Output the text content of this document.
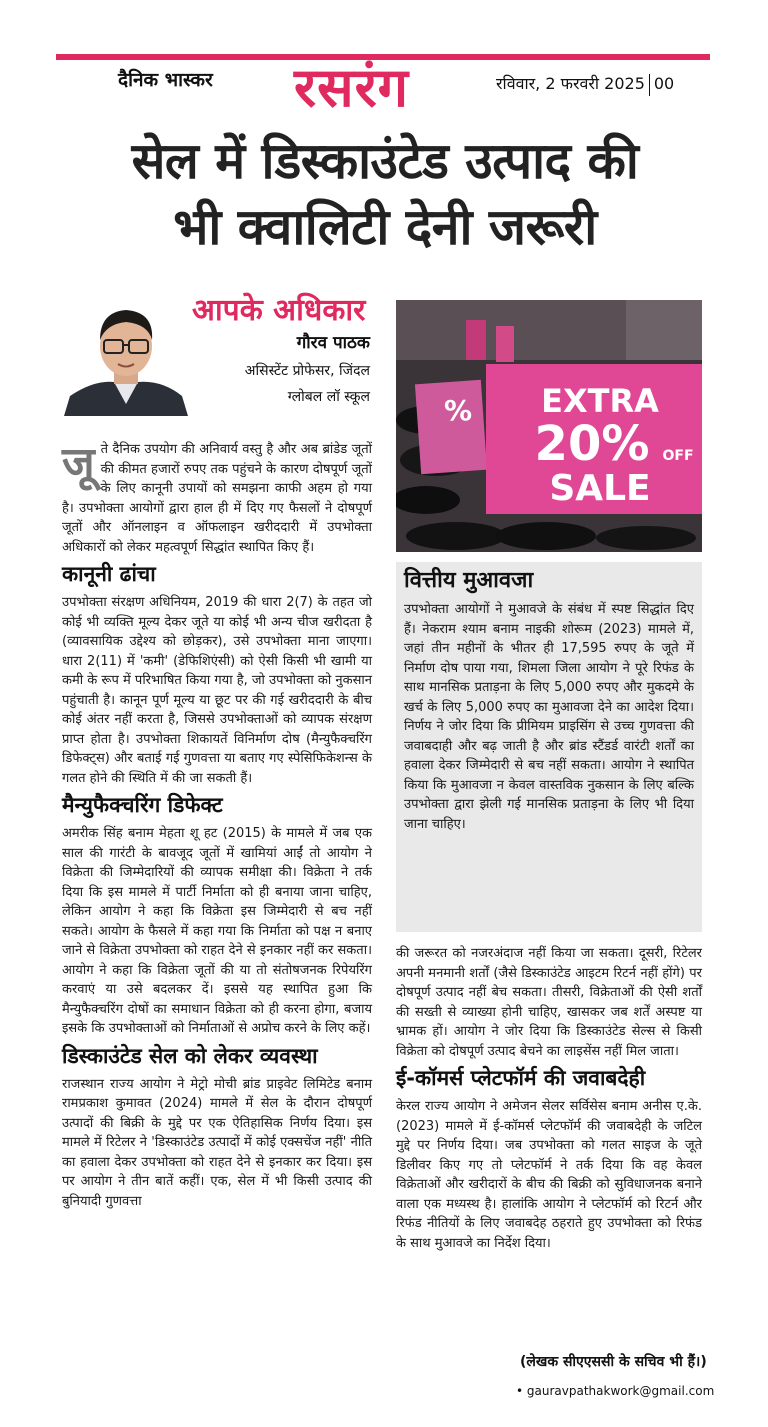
दैनिक भास्कर रसरंग	रविवार, 2 फरवरी 2025 00
सेल में डिस्काउंटेड उत्पाद की
भी क्वालिटी देनी जरूरी
आपके अधिकार
गौरव पाठक
असिस्टेंट प्रोफेसर, जिंदल
ग्लोबल लॉ स्कूल	% EXTRA
20% OFF
SALE

जूते दैनिक उपयोग की अनिवार्य वस्तु है और अब ब्रांडेड जूतों की कीमत हजारों रुपए तक पहुंचने के कारण दोषपूर्ण जूतों के लिए कानूनी उपायों को समझना काफी अहम हो गया है। उपभोक्ता आयोगों द्वारा हाल ही में दिए गए फैसलों ने दोषपूर्ण जूतों और ऑनलाइन व ऑफलाइन खरीददारी में उपभोक्ता अधिकारों को लेकर महत्वपूर्ण सिद्धांत स्थापित किए हैं।

कानूनी ढांचा

उपभोक्ता संरक्षण अधिनियम, 2019 की धारा 2(7) के तहत जो कोई भी व्यक्ति मूल्य देकर जूते या कोई भी अन्य चीज खरीदता है (व्यावसायिक उद्देश्य को छोड़कर), उसे उपभोक्ता माना जाएगा। धारा 2(11) में 'कमी' (डेफिशिएंसी) को ऐसी किसी भी खामी या कमी के रूप में परिभाषित किया गया है, जो उपभोक्ता को नुकसान पहुंचाती है। कानून पूर्ण मूल्य या छूट पर की गई खरीददारी के बीच कोई अंतर नहीं करता है, जिससे उपभोक्ताओं को व्यापक संरक्षण प्राप्त होता है। उपभोक्ता शिकायतें विनिर्माण दोष (मैन्युफैक्चरिंग डिफेक्ट्स) और बताई गई गुणवत्ता या बताए गए स्पेसिफिकेशन्स के गलत होने की स्थिति में की जा सकती हैं।

मैन्युफैक्चरिंग डिफेक्ट

अमरीक सिंह बनाम मेहता शू हट (2015) के मामले में जब एक साल की गारंटी के बावजूद जूतों में खामियां आईं तो आयोग ने विक्रेता की जिम्मेदारियों की व्यापक समीक्षा की। विक्रेता ने तर्क दिया कि इस मामले में पार्टी निर्माता को ही बनाया जाना चाहिए, लेकिन आयोग ने कहा कि विक्रेता इस जिम्मेदारी से बच नहीं सकते। आयोग के फैसले में कहा गया कि निर्माता को पक्ष न बनाए जाने से विक्रेता उपभोक्ता को राहत देने से इनकार नहीं कर सकता। आयोग ने कहा कि विक्रेता जूतों की या तो संतोषजनक रिपेयरिंग करवाएं या उसे बदलकर दें। इससे यह स्थापित हुआ कि मैन्युफैक्चरिंग दोषों का समाधान विक्रेता को ही करना होगा, बजाय इसके कि उपभोक्ताओं को निर्माताओं से अप्रोच करने के लिए कहें।

डिस्काउंटेड सेल को लेकर व्यवस्था

राजस्थान राज्य आयोग ने मेट्रो मोची ब्रांड प्राइवेट लिमिटेड बनाम रामप्रकाश कुमावत (2024) मामले में सेल के दौरान दोषपूर्ण उत्पादों की बिक्री के मुद्दे पर एक ऐतिहासिक निर्णय दिया। इस मामले में रिटेलर ने 'डिस्काउंटेड उत्पादों में कोई एक्सचेंज नहीं' नीति का हवाला देकर उपभोक्ता को राहत देने से इनकार कर दिया। इस पर आयोग ने तीन बातें कहीं। एक, सेल में भी किसी उत्पाद की बुनियादी गुणवत्ता

वित्तीय मुआवजा

उपभोक्ता आयोगों ने मुआवजे के संबंध में स्पष्ट सिद्धांत दिए हैं। नेकराम श्याम बनाम नाइकी शोरूम (2023) मामले में, जहां तीन महीनों के भीतर ही 17,595 रुपए के जूते में निर्माण दोष पाया गया, शिमला जिला आयोग ने पूरे रिफंड के साथ मानसिक प्रताड़ना के लिए 5,000 रुपए और मुकदमे के खर्च के लिए 5,000 रुपए का मुआवजा देने का आदेश दिया। निर्णय ने जोर दिया कि प्रीमियम प्राइसिंग से उच्च गुणवत्ता की जवाबदाही और बढ़ जाती है और ब्रांड स्टैंडर्ड वारंटी शर्तों का हवाला देकर जिम्मेदारी से बच नहीं सकता। आयोग ने स्थापित किया कि मुआवजा न केवल वास्तविक नुकसान के लिए बल्कि उपभोक्ता द्वारा झेली गई मानसिक प्रताड़ना के लिए भी दिया जाना चाहिए।

की जरूरत को नजरअंदाज नहीं किया जा सकता। दूसरी, रिटेलर अपनी मनमानी शर्तों (जैसे डिस्काउंटेड आइटम रिटर्न नहीं होंगे) पर दोषपूर्ण उत्पाद नहीं बेच सकता। तीसरी, विक्रेताओं की ऐसी शर्तों की सख्ती से व्याख्या होनी चाहिए, खासकर जब शर्तें अस्पष्ट या भ्रामक हों। आयोग ने जोर दिया कि डिस्काउंटेड सेल्स से किसी विक्रेता को दोषपूर्ण उत्पाद बेचने का लाइसेंस नहीं मिल जाता।

ई-कॉमर्स प्लेटफॉर्म की जवाबदेही

केरल राज्य आयोग ने अमेजन सेलर सर्विसेस बनाम अनीस ए.के. (2023) मामले में ई-कॉमर्स प्लेटफॉर्म की जवाबदेही के जटिल मुद्दे पर निर्णय दिया। जब उपभोक्ता को गलत साइज के जूते डिलीवर किए गए तो प्लेटफॉर्म ने तर्क दिया कि वह केवल विक्रेताओं और खरीदारों के बीच की बिक्री को सुविधाजनक बनाने वाला एक मध्यस्थ है। हालांकि आयोग ने प्लेटफॉर्म को रिटर्न और रिफंड नीतियों के लिए जवाबदेह ठहराते हुए उपभोक्ता को रिफंड के साथ मुआवजे का निर्देश दिया।

(लेखक सीएएससी के सचिव भी हैं।)
• gauravpathakwork@gmail.com
